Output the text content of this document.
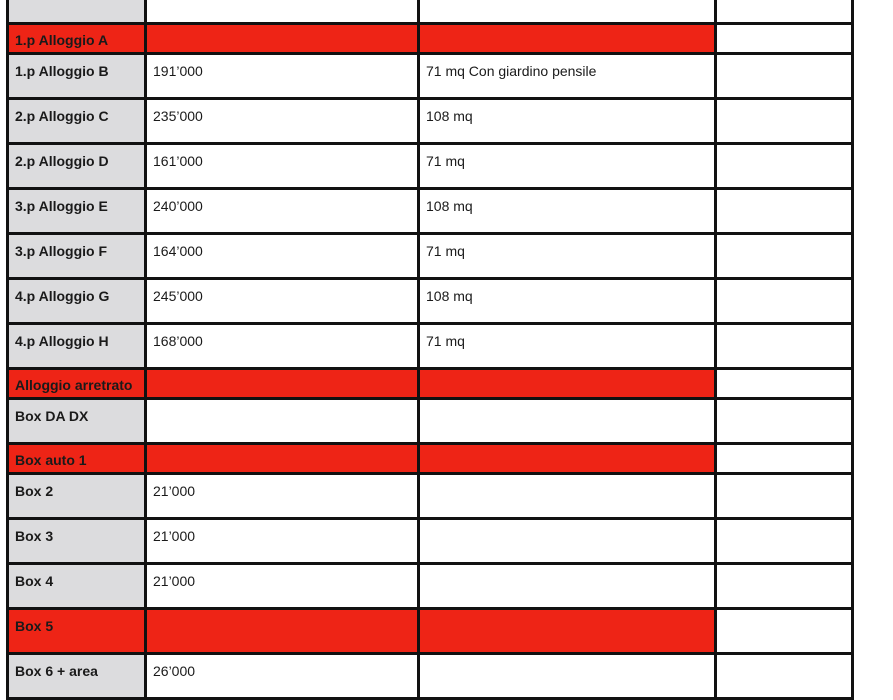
1.p Alloggio A			
1.p Alloggio B	191’000	71 mq Con giardino pensile	
2.p Alloggio C	235’000	108 mq	
2.p Alloggio D	161’000	71 mq	
3.p Alloggio E	240’000	108 mq	
3.p Alloggio F	164’000	71 mq	
4.p Alloggio G	245’000	108 mq	
4.p Alloggio H	168’000	71 mq	
Alloggio arretrato			
Box DA DX			
Box auto 1			
Box 2	21’000		
Box 3	21’000		
Box 4	21’000		
Box 5			
Box 6 + area	26’000		
